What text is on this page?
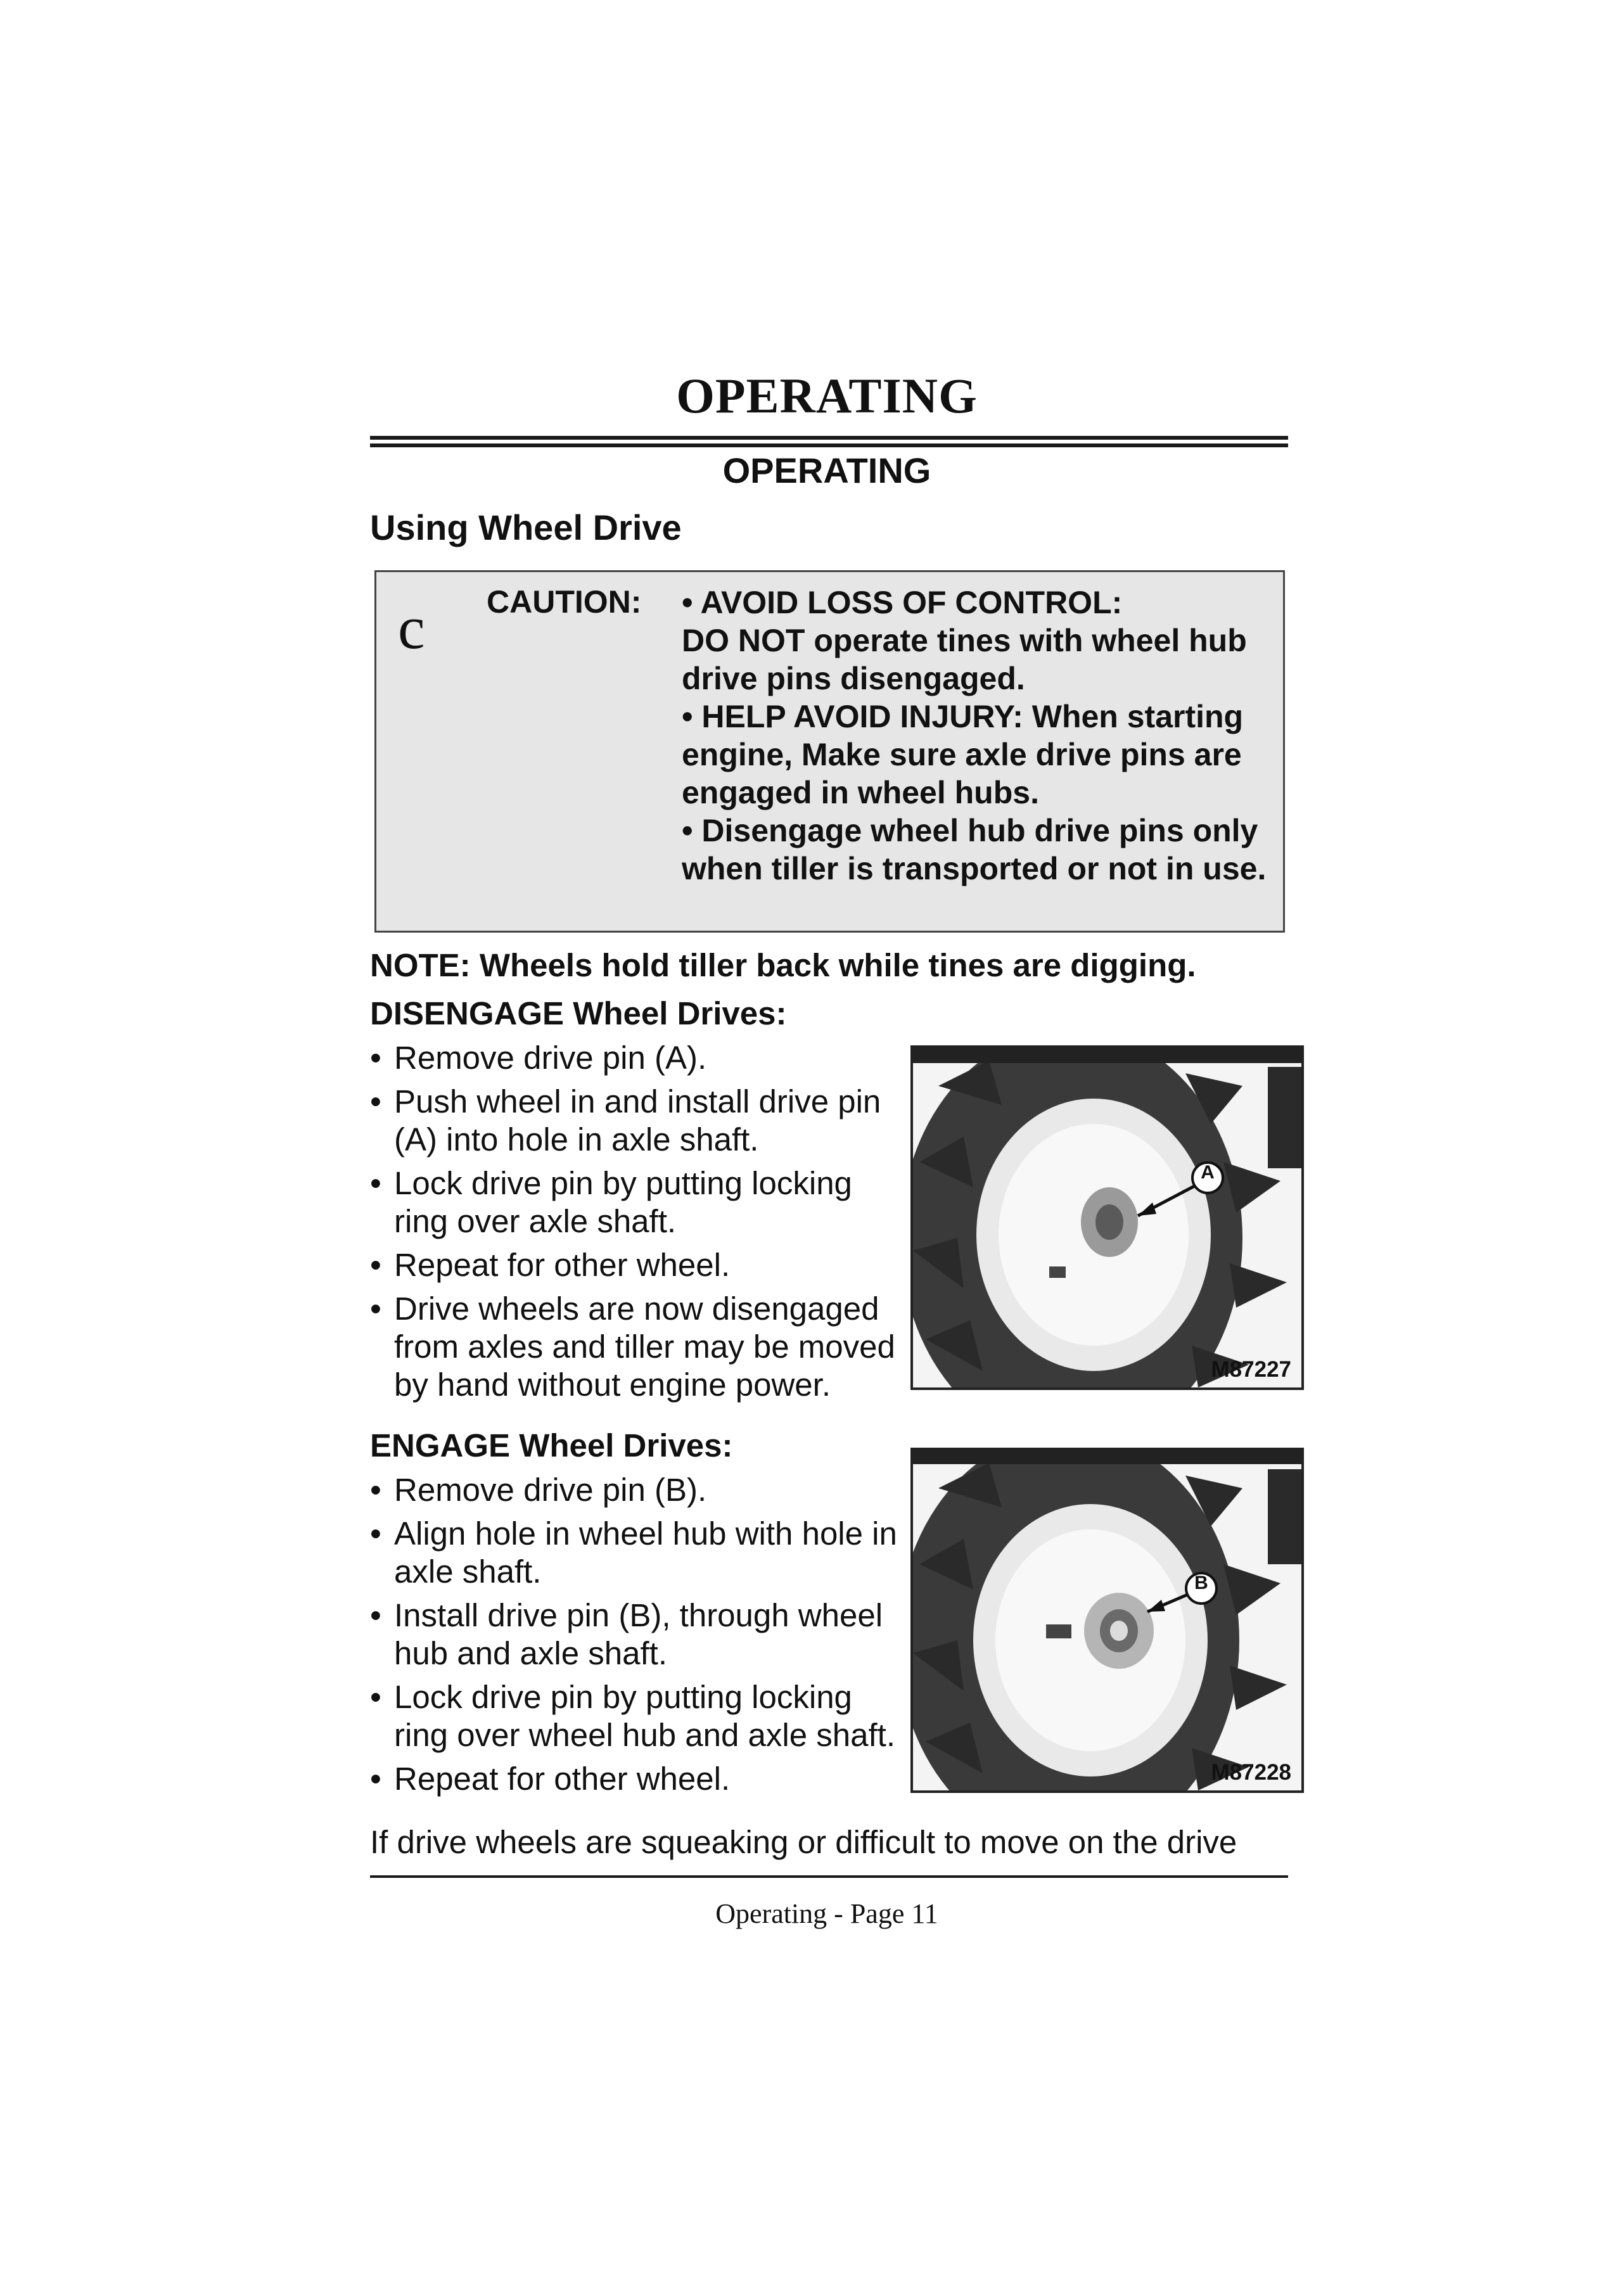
OPERATING
OPERATING
Using Wheel Drive
c CAUTION: • AVOID LOSS OF CONTROL:
DO NOT operate tines with wheel hub drive pins disengaged.
• HELP AVOID INJURY: When starting engine, Make sure axle drive pins are engaged in wheel hubs.
• Disengage wheel hub drive pins only when tiller is transported or not in use.
NOTE: Wheels hold tiller back while tines are digging.
DISENGAGE Wheel Drives:
• Remove drive pin (A).
• Push wheel in and install drive pin (A) into hole in axle shaft.
• Lock drive pin by putting locking ring over axle shaft.
• Repeat for other wheel.
• Drive wheels are now disengaged from axles and tiller may be moved by hand without engine power.
A
M87227
ENGAGE Wheel Drives:
• Remove drive pin (B).
• Align hole in wheel hub with hole in axle shaft.
• Install drive pin (B), through wheel hub and axle shaft.
• Lock drive pin by putting locking ring over wheel hub and axle shaft.
• Repeat for other wheel.
B
M87228
If drive wheels are squeaking or difficult to move on the drive
Operating - Page 11
